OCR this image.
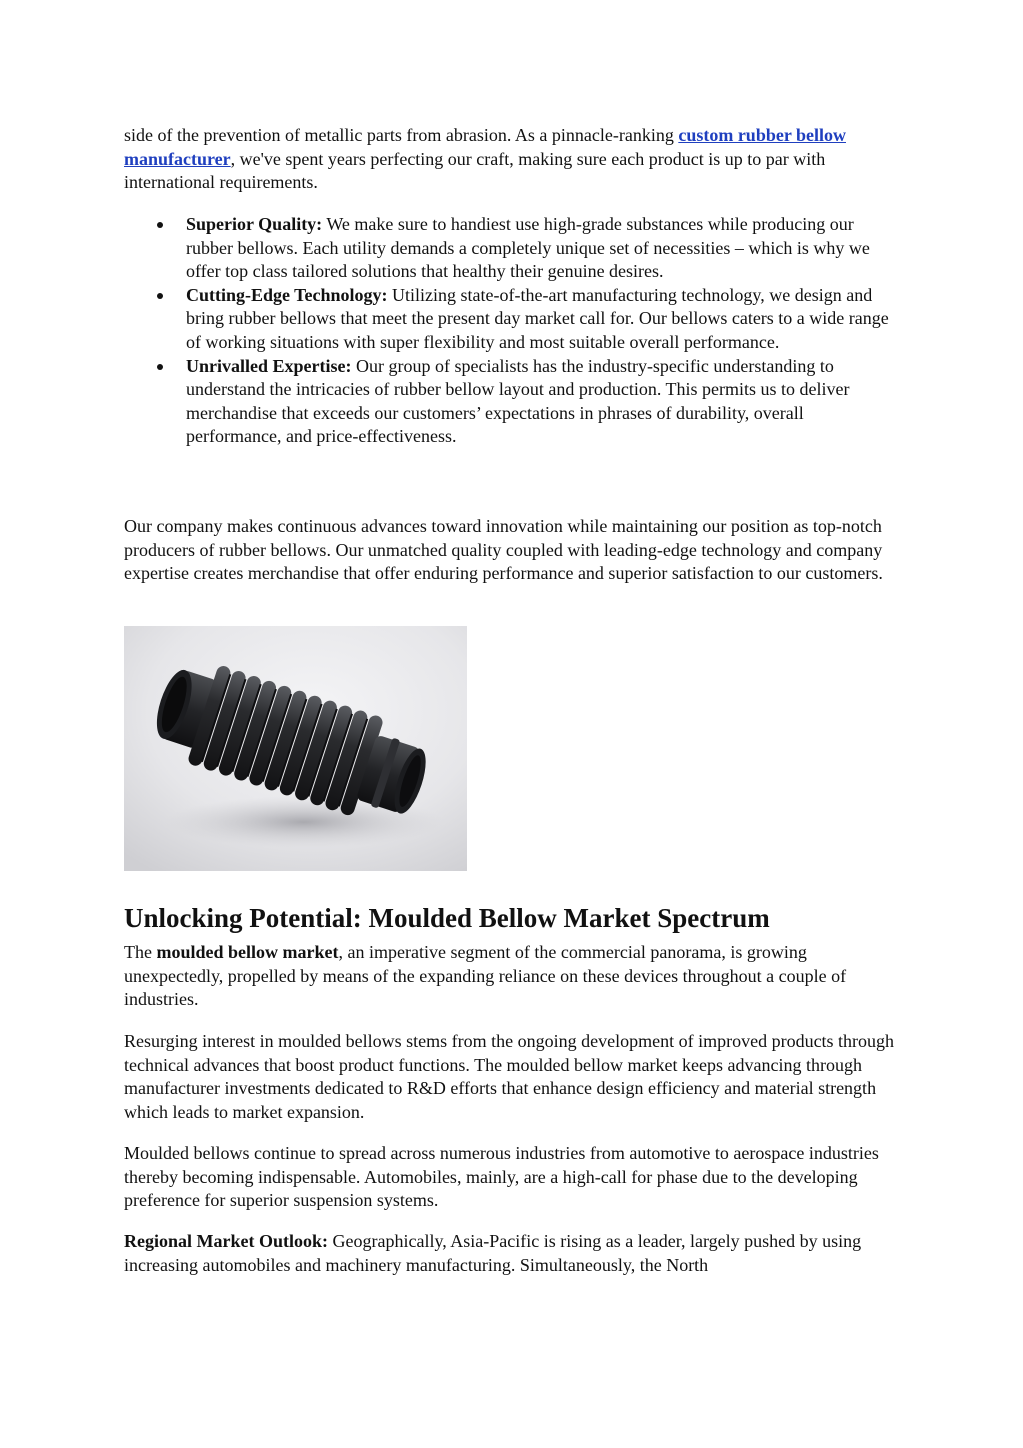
side of the prevention of metallic parts from abrasion. As a pinnacle-ranking custom rubber bellow manufacturer, we've spent years perfecting our craft, making sure each product is up to par with international requirements.

Superior Quality: We make sure to handiest use high-grade substances while producing our rubber bellows. Each utility demands a completely unique set of necessities – which is why we offer top class tailored solutions that healthy their genuine desires.
Cutting-Edge Technology: Utilizing state-of-the-art manufacturing technology, we design and bring rubber bellows that meet the present day market call for. Our bellows caters to a wide range of working situations with super flexibility and most suitable overall performance.
Unrivalled Expertise: Our group of specialists has the industry-specific understanding to understand the intricacies of rubber bellow layout and production. This permits us to deliver merchandise that exceeds our customers’ expectations in phrases of durability, overall performance, and price-effectiveness.

Our company makes continuous advances toward innovation while maintaining our position as top-notch producers of rubber bellows. Our unmatched quality coupled with leading-edge technology and company expertise creates merchandise that offer enduring performance and superior satisfaction to our customers.

Unlocking Potential: Moulded Bellow Market Spectrum

The moulded bellow market, an imperative segment of the commercial panorama, is growing unexpectedly, propelled by means of the expanding reliance on these devices throughout a couple of industries.

Resurging interest in moulded bellows stems from the ongoing development of improved products through technical advances that boost product functions. The moulded bellow market keeps advancing through manufacturer investments dedicated to R&D efforts that enhance design efficiency and material strength which leads to market expansion.

Moulded bellows continue to spread across numerous industries from automotive to aerospace industries thereby becoming indispensable. Automobiles, mainly, are a high-call for phase due to the developing preference for superior suspension systems.

Regional Market Outlook: Geographically, Asia-Pacific is rising as a leader, largely pushed by using increasing automobiles and machinery manufacturing. Simultaneously, the North
